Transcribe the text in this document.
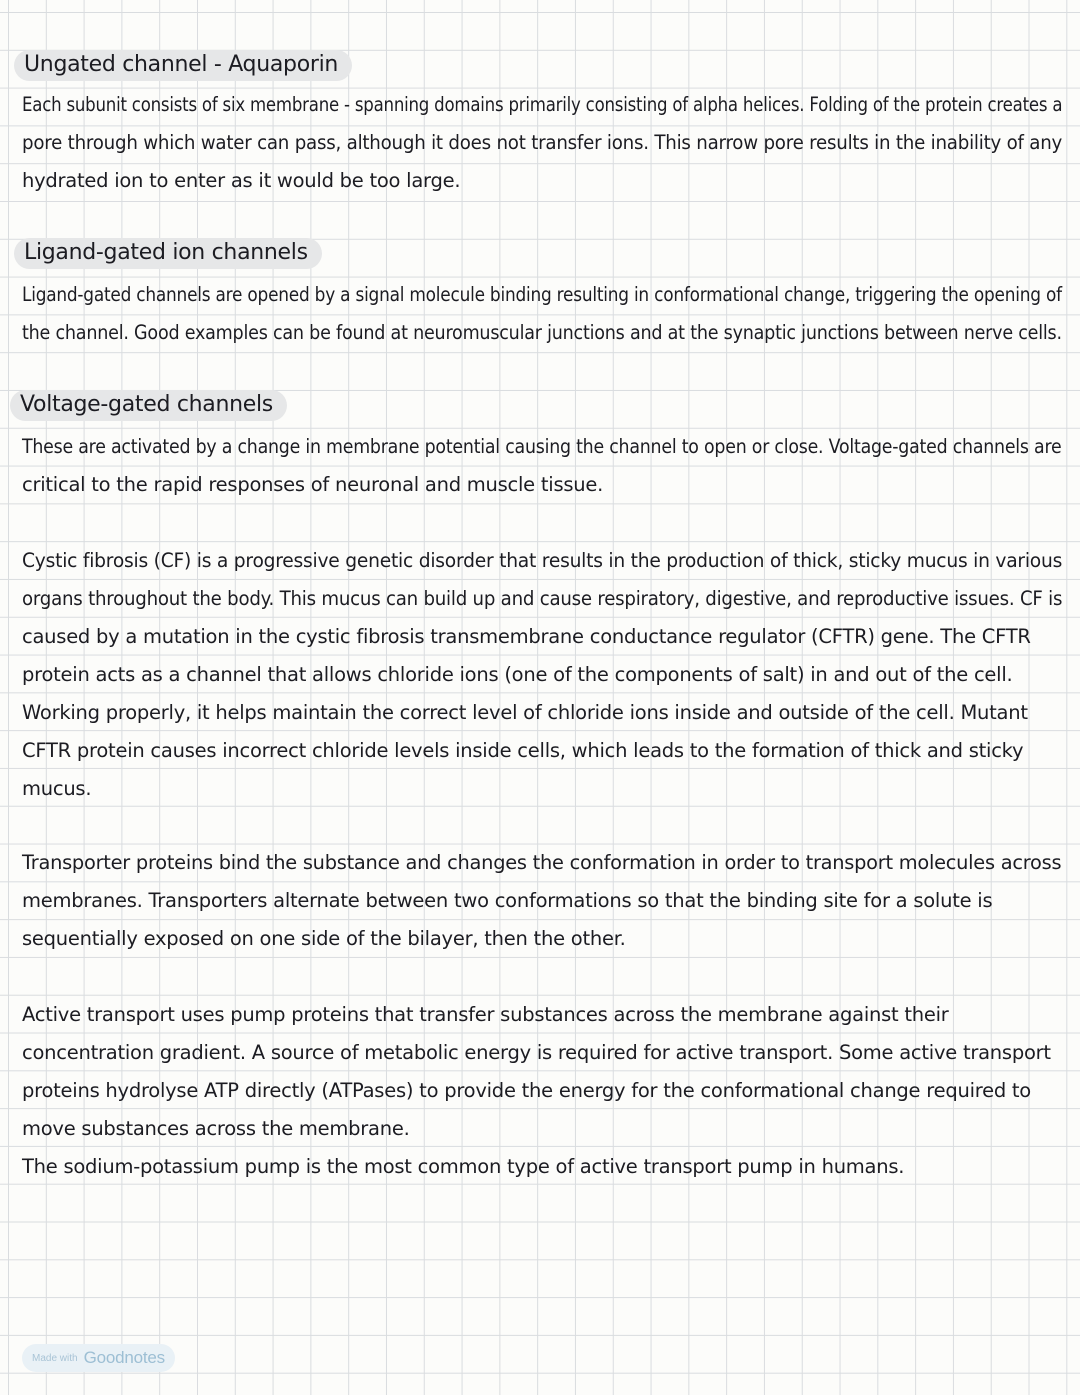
Ungated channel - Aquaporin
Each subunit consists of six membrane - spanning domains primarily consisting of alpha helices. Folding of the protein creates a
pore through which water can pass, although it does not transfer ions. This narrow pore results in the inability of any
hydrated ion to enter as it would be too large.
Ligand-gated ion channels
Ligand-gated channels are opened by a signal molecule binding resulting in conformational change, triggering the opening of
the channel. Good examples can be found at neuromuscular junctions and at the synaptic junctions between nerve cells.
Voltage-gated channels
These are activated by a change in membrane potential causing the channel to open or close. Voltage-gated channels are
critical to the rapid responses of neuronal and muscle tissue.
Cystic fibrosis (CF) is a progressive genetic disorder that results in the production of thick, sticky mucus in various
organs throughout the body. This mucus can build up and cause respiratory, digestive, and reproductive issues. CF is
caused by a mutation in the cystic fibrosis transmembrane conductance regulator (CFTR) gene. The CFTR
protein acts as a channel that allows chloride ions (one of the components of salt) in and out of the cell.
Working properly, it helps maintain the correct level of chloride ions inside and outside of the cell. Mutant
CFTR protein causes incorrect chloride levels inside cells, which leads to the formation of thick and sticky
mucus.
Transporter proteins bind the substance and changes the conformation in order to transport molecules across
membranes. Transporters alternate between two conformations so that the binding site for a solute is
sequentially exposed on one side of the bilayer, then the other.
Active transport uses pump proteins that transfer substances across the membrane against their
concentration gradient. A source of metabolic energy is required for active transport. Some active transport
proteins hydrolyse ATP directly (ATPases) to provide the energy for the conformational change required to
move substances across the membrane.
The sodium-potassium pump is the most common type of active transport pump in humans.
Made with Goodnotes
